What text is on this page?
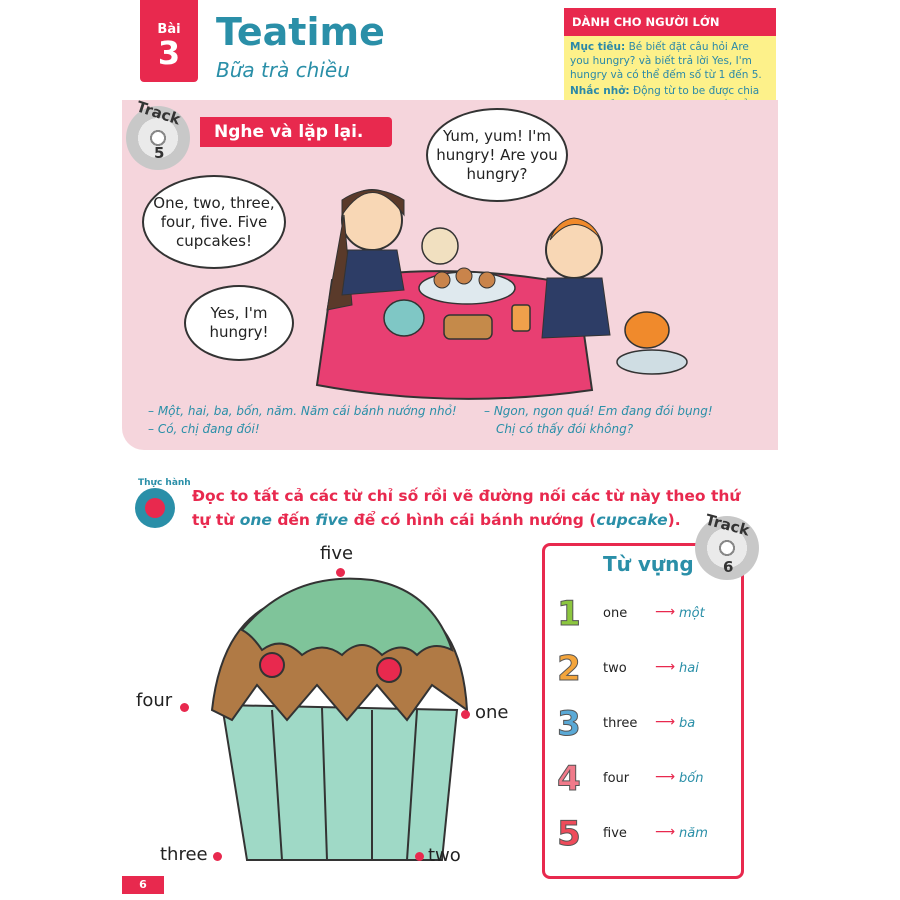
Bài
3 Teatime
Bữa trà chiều
DÀNH CHO NGƯỜI LỚN

Mục tiêu: Bé biết đặt câu hỏi Are you hungry? và biết trả lời Yes, I'm hungry và có thể đếm số từ 1 đến 5.

Nhắc nhở: Động từ to be được chia

Track
5
One, two, three, four, five. Five cupcakes!
Yes, I'm hungry!
Yum, yum! I'm hungry! Are you hungry?
– Một, hai, ba, bốn, năm. Năm cái bánh nướng nhỏ!
– Có, chị đang đói!
– Ngon, ngon quá! Em đang đói bụng!
Chị có thấy đói không?
Nghe và lặp lại.
Thực hành
Đọc to tất cả các từ chỉ số rồi vẽ đường nối các từ này theo thứ tự từ one đến five để có hình cái bánh nướng (cupcake).
five
four
one
three	two
Từ vựng
Track
6
1 one ⟶ một
2 two ⟶ hai
3 three ⟶ ba
4 four ⟶ bốn
5 five ⟶ năm
6
